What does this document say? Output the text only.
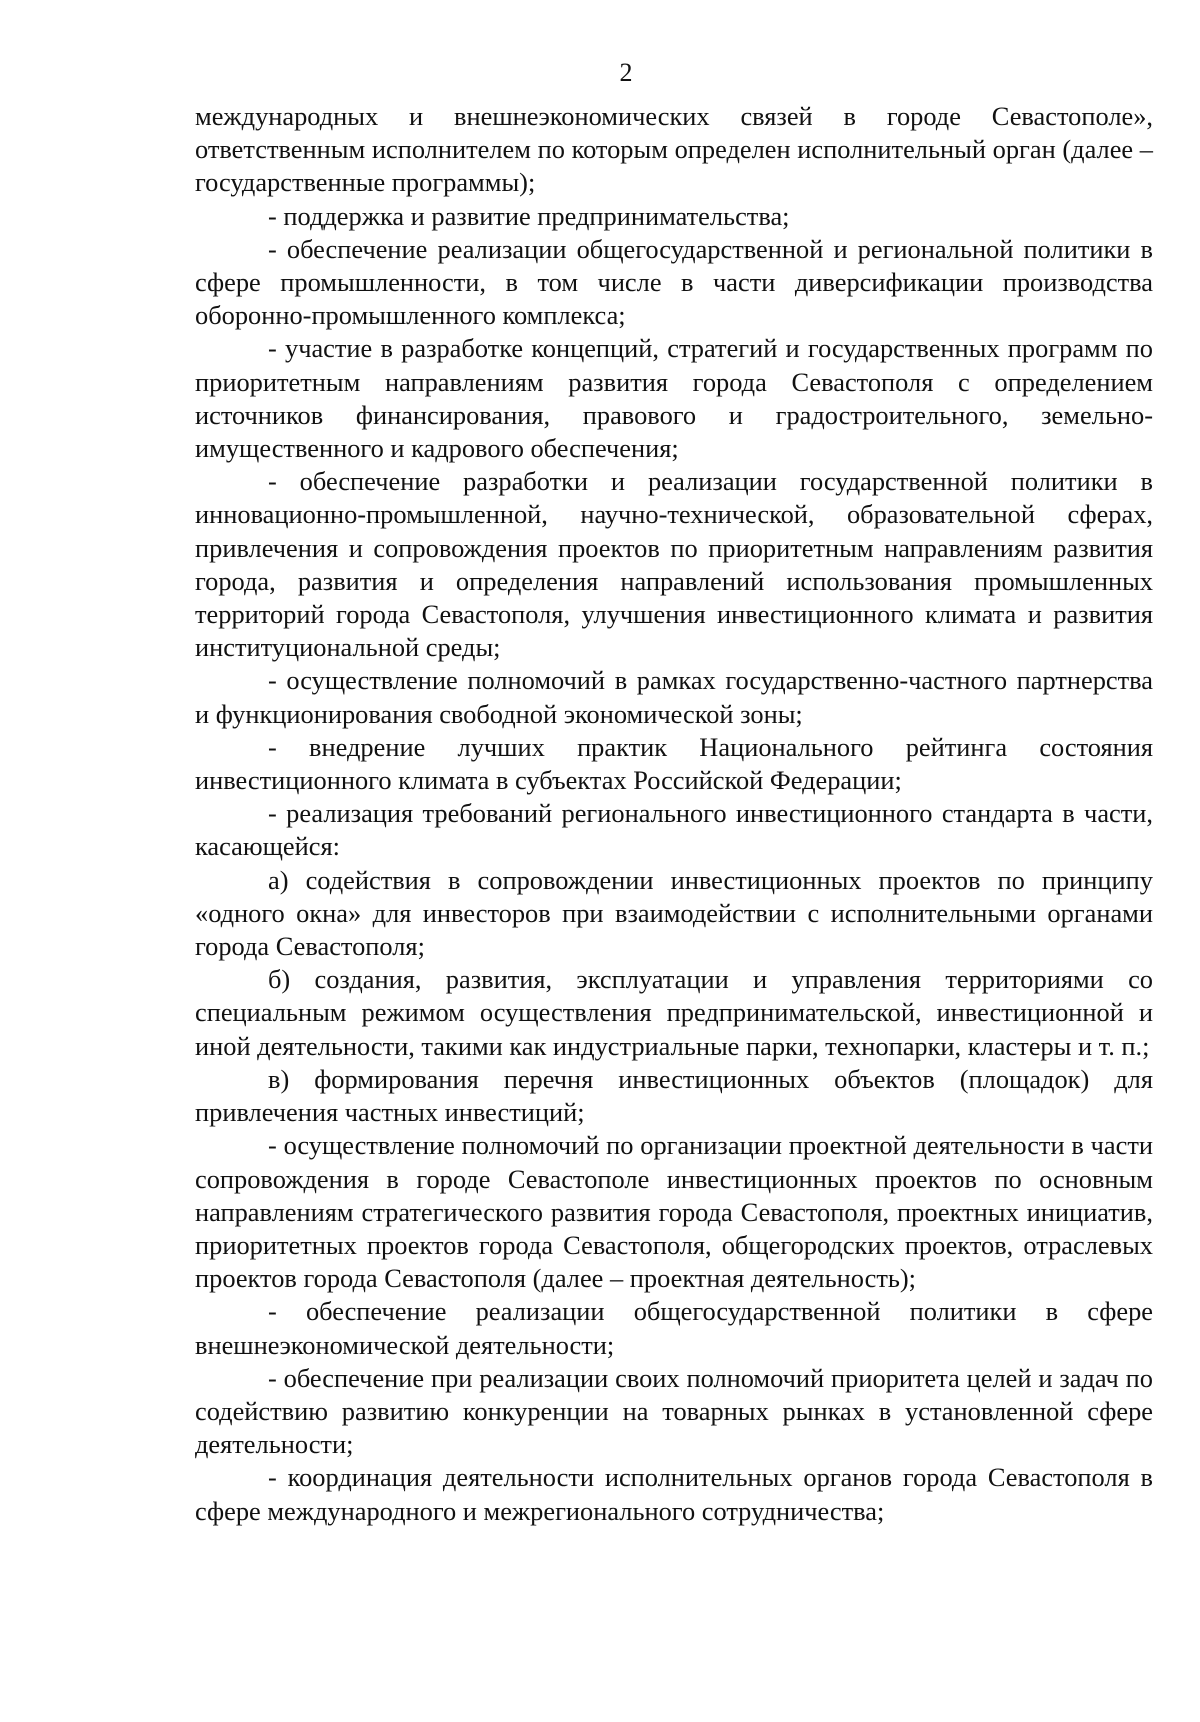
2

международных и внешнеэкономических связей в городе Севастополе», ответственным исполнителем по которым определен исполнительный орган (далее – государственные программы);

- поддержка и развитие предпринимательства;

- обеспечение реализации общегосударственной и региональной политики в сфере промышленности, в том числе в части диверсификации производства оборонно-промышленного комплекса;

- участие в разработке концепций, стратегий и государственных программ по приоритетным направлениям развития города Севастополя с определением источников финансирования, правового и градостроительного, земельно-имущественного и кадрового обеспечения;

- обеспечение разработки и реализации государственной политики в инновационно-промышленной, научно-технической, образовательной сферах, привлечения и сопровождения проектов по приоритетным направлениям развития города, развития и определения направлений использования промышленных территорий города Севастополя, улучшения инвестиционного климата и развития институциональной среды;

- осуществление полномочий в рамках государственно-частного партнерства и функционирования свободной экономической зоны;

- внедрение лучших практик Национального рейтинга состояния инвестиционного климата в субъектах Российской Федерации;

- реализация требований регионального инвестиционного стандарта в части, касающейся:

а) содействия в сопровождении инвестиционных проектов по принципу «одного окна» для инвесторов при взаимодействии с исполнительными органами города Севастополя;

б) создания, развития, эксплуатации и управления территориями со специальным режимом осуществления предпринимательской, инвестиционной и иной деятельности, такими как индустриальные парки, технопарки, кластеры и т. п.;

в) формирования перечня инвестиционных объектов (площадок) для привлечения частных инвестиций;

- осуществление полномочий по организации проектной деятельности в части сопровождения в городе Севастополе инвестиционных проектов по основным направлениям стратегического развития города Севастополя, проектных инициатив, приоритетных проектов города Севастополя, общегородских проектов, отраслевых проектов города Севастополя (далее – проектная деятельность);

- обеспечение реализации общегосударственной политики в сфере внешнеэкономической деятельности;

- обеспечение при реализации своих полномочий приоритета целей и задач по содействию развитию конкуренции на товарных рынках в установленной сфере деятельности;

- координация деятельности исполнительных органов города Севастополя в сфере международного и межрегионального сотрудничества;
